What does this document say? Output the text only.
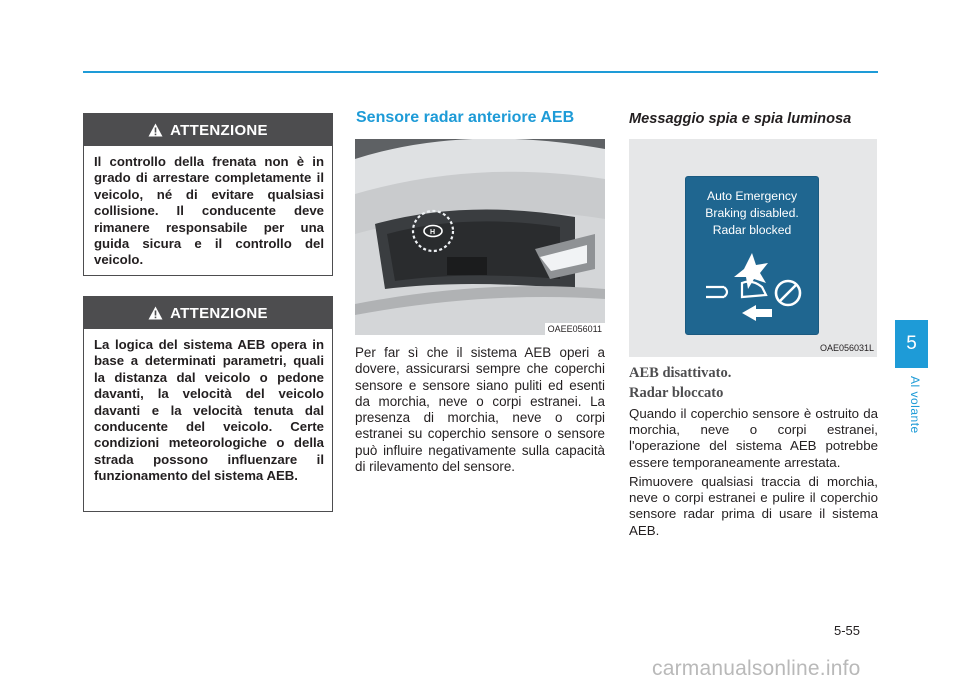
ATTENZIONE
Il controllo della frenata non è in grado di arrestare completamente il veicolo, né di evitare qualsiasi collisione. Il conducente deve rimanere responsabile per una guida sicura e il controllo del veicolo.
ATTENZIONE
La logica del sistema AEB opera in base a determinati parametri, quali la distanza dal veicolo o pedone davanti, la velocità del veicolo davanti e la velocità tenuta dal conducente del veicolo. Certe condizioni meteorologiche o della strada possono influenzare il funzionamento del sistema AEB.
Sensore radar anteriore AEB
H
OAEE056011

Per far sì che il sistema AEB operi a dovere, assicurarsi sempre che coperchi sensore e sensore siano puliti ed esenti da morchia, neve o corpi estranei. La presenza di morchia, neve o corpi estranei su coperchio sensore o sensore può influire negativamente sulla capacità di rilevamento del sensore.

Messaggio spia e spia luminosa
Auto Emergency
Braking disabled.
Radar blocked
OAE056031L
AEB disattivato.
Radar bloccato

Quando il coperchio sensore è ostruito da morchia, neve o corpi estranei, l'operazione del sistema AEB potrebbe essere temporaneamente arrestata.

Rimuovere qualsiasi traccia di morchia, neve o corpi estranei e pulire il coperchio sensore radar prima di usare il sistema AEB.

5
Al volante
5-55
carmanualsonline.info
